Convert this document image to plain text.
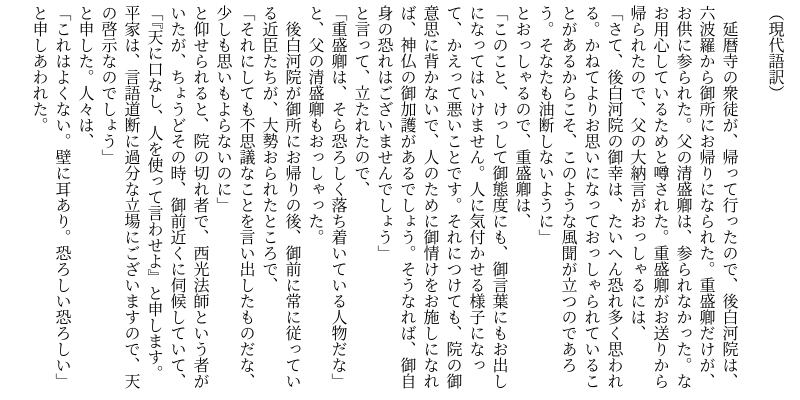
（現代語訳）

延暦寺の衆徒が、帰って行ったので、後白河院は、六波羅から御所にお帰りになられた。重盛卿だけが、お供に参られた。父の清盛卿は、参られなかった。なお用心しているためと噂された。重盛卿がお送りから帰られたので、父の大納言がおっしゃるには、

「さて、後白河院の御幸は、たいへん恐れ多く思われる。かねてよりお思いになっておっしゃられていることがあるからこそ、このような風聞が立つのであろう。そなたも油断しないように」

とおっしゃるので、重盛卿は、

「このこと、けっして御態度にも、御言葉にもお出しになってはいけません。人に気付かせる様子になって、かえって悪いことです。それにつけても、院の御意思に背かないで、人のために御情けをお施しになれば、神仏の御加護があるでしょう。そうなれば、御自身の恐れはございませんでしょう」

と言って、立たれたので、

「重盛卿は、そら恐ろしく落ち着いている人物だな」

と、父の清盛卿もおっしゃった。

後白河院が御所にお帰りの後、御前に常に従っている近臣たちが、大勢おられたところで、

「それにしても不思議なことを言い出したものだな、少しも思いもよらないのに」

と仰せられると、院の切れ者で、西光法師という者がいたが、ちょうどその時、御前近くに伺候していて、

「『天に口なし、人を使って言わせよ』と申します。平家は、言語道断に過分な立場にございますので、天の啓示なのでしょう」

と申した。人々は、

「これはよくない。壁に耳あり。恐ろしい恐ろしい」

と申しあわれた。
